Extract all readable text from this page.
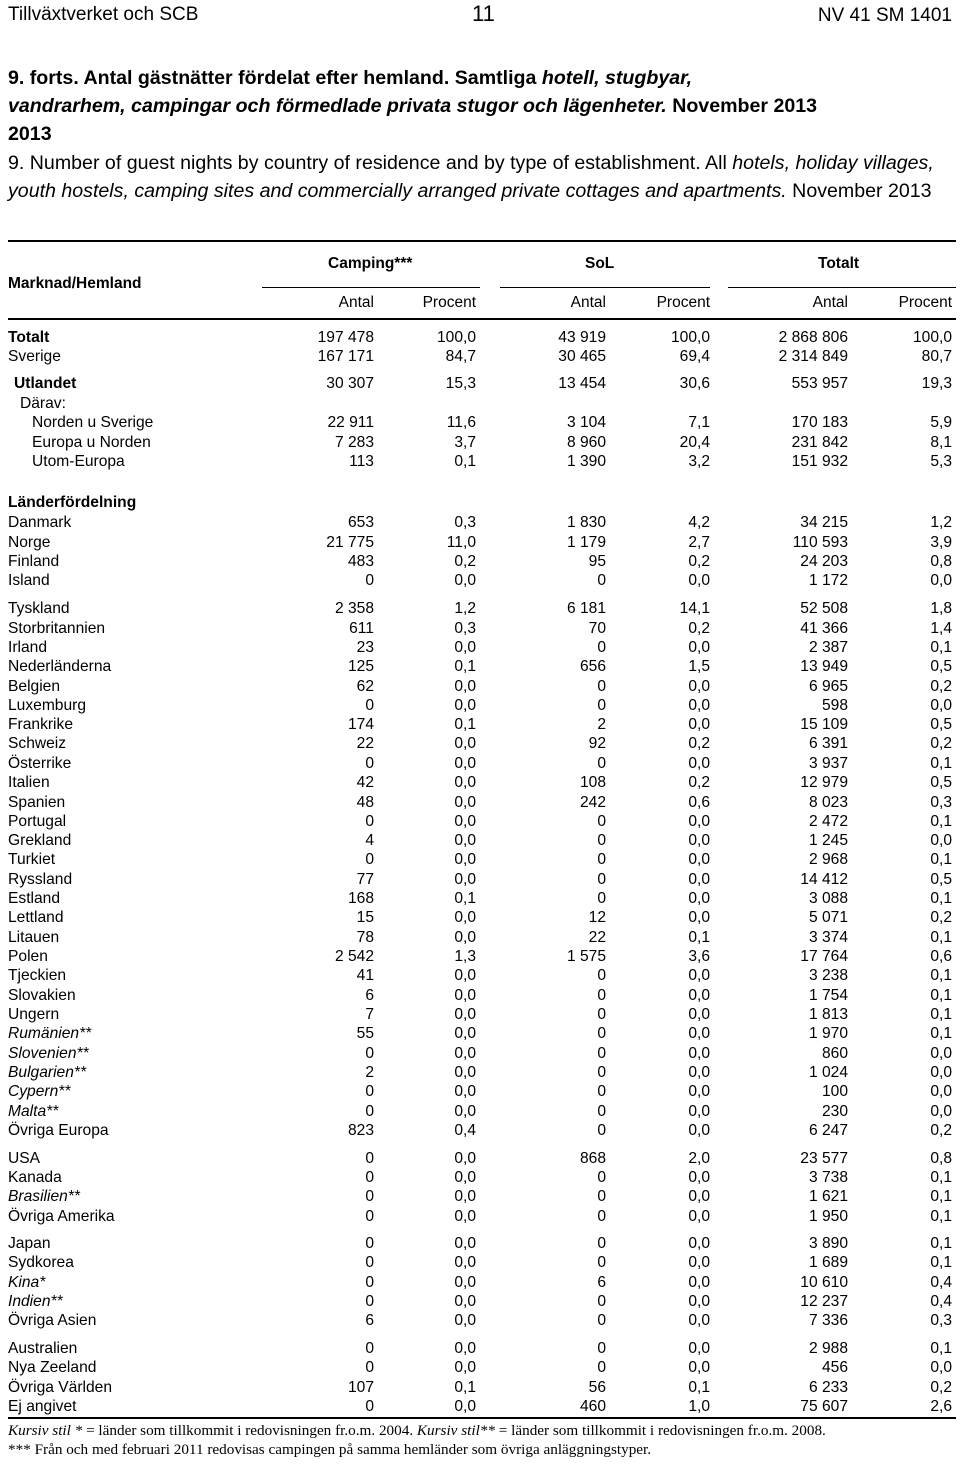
Tillväxtverket och SCB	11	NV 41 SM 1401
9. forts. Antal gästnätter fördelat efter hemland. Samtliga hotell, stugbyar,
vandrarhem, campingar och förmedlade privata stugor och lägenheter. November 2013
2013
9. Number of guest nights by country of residence and by type of establishment. All hotels, holiday villages, youth hostels, camping sites and commercially arranged private cottages and apartments. November 2013
Marknad/Hemland
Camping***	SoL	Totalt
Antal	Procent	Antal	Procent	Antal	Procent
Totalt	197 478	100,0	43 919	100,0	2 868 806	100,0
Sverige	167 171	84,7	30 465	69,4	2 314 849	80,7
Utlandet	30 307	15,3	13 454	30,6	553 957	19,3
Därav:
Norden u Sverige	22 911	11,6	3 104	7,1	170 183	5,9
Europa u Norden	7 283	3,7	8 960	20,4	231 842	8,1
Utom-Europa	113	0,1	1 390	3,2	151 932	5,3
Länderfördelning
Danmark	653	0,3	1 830	4,2	34 215	1,2
Norge	21 775	11,0	1 179	2,7	110 593	3,9
Finland	483	0,2	95	0,2	24 203	0,8
Island	0	0,0	0	0,0	1 172	0,0
Tyskland	2 358	1,2	6 181	14,1	52 508	1,8
Storbritannien	611	0,3	70	0,2	41 366	1,4
Irland	23	0,0	0	0,0	2 387	0,1
Nederländerna	125	0,1	656	1,5	13 949	0,5
Belgien	62	0,0	0	0,0	6 965	0,2
Luxemburg	0	0,0	0	0,0	598	0,0
Frankrike	174	0,1	2	0,0	15 109	0,5
Schweiz	22	0,0	92	0,2	6 391	0,2
Österrike	0	0,0	0	0,0	3 937	0,1
Italien	42	0,0	108	0,2	12 979	0,5
Spanien	48	0,0	242	0,6	8 023	0,3
Portugal	0	0,0	0	0,0	2 472	0,1
Grekland	4	0,0	0	0,0	1 245	0,0
Turkiet	0	0,0	0	0,0	2 968	0,1
Ryssland	77	0,0	0	0,0	14 412	0,5
Estland	168	0,1	0	0,0	3 088	0,1
Lettland	15	0,0	12	0,0	5 071	0,2
Litauen	78	0,0	22	0,1	3 374	0,1
Polen	2 542	1,3	1 575	3,6	17 764	0,6
Tjeckien	41	0,0	0	0,0	3 238	0,1
Slovakien	6	0,0	0	0,0	1 754	0,1
Ungern	7	0,0	0	0,0	1 813	0,1
Rumänien**	55	0,0	0	0,0	1 970	0,1
Slovenien**	0	0,0	0	0,0	860	0,0
Bulgarien**	2	0,0	0	0,0	1 024	0,0
Cypern**	0	0,0	0	0,0	100	0,0
Malta**	0	0,0	0	0,0	230	0,0
Övriga Europa	823	0,4	0	0,0	6 247	0,2
USA	0	0,0	868	2,0	23 577	0,8
Kanada	0	0,0	0	0,0	3 738	0,1
Brasilien**	0	0,0	0	0,0	1 621	0,1
Övriga Amerika	0	0,0	0	0,0	1 950	0,1
Japan	0	0,0	0	0,0	3 890	0,1
Sydkorea	0	0,0	0	0,0	1 689	0,1
Kina*	0	0,0	6	0,0	10 610	0,4
Indien**	0	0,0	0	0,0	12 237	0,4
Övriga Asien	6	0,0	0	0,0	7 336	0,3
Australien	0	0,0	0	0,0	2 988	0,1
Nya Zeeland	0	0,0	0	0,0	456	0,0
Övriga Världen	107	0,1	56	0,1	6 233	0,2
Ej angivet	0	0,0	460	1,0	75 607	2,6
Kursiv stil * = länder som tillkommit i redovisningen fr.o.m. 2004. Kursiv stil** = länder som tillkommit i redovisningen fr.o.m. 2008.
*** Från och med februari 2011 redovisas campingen på samma hemländer som övriga anläggningstyper.
